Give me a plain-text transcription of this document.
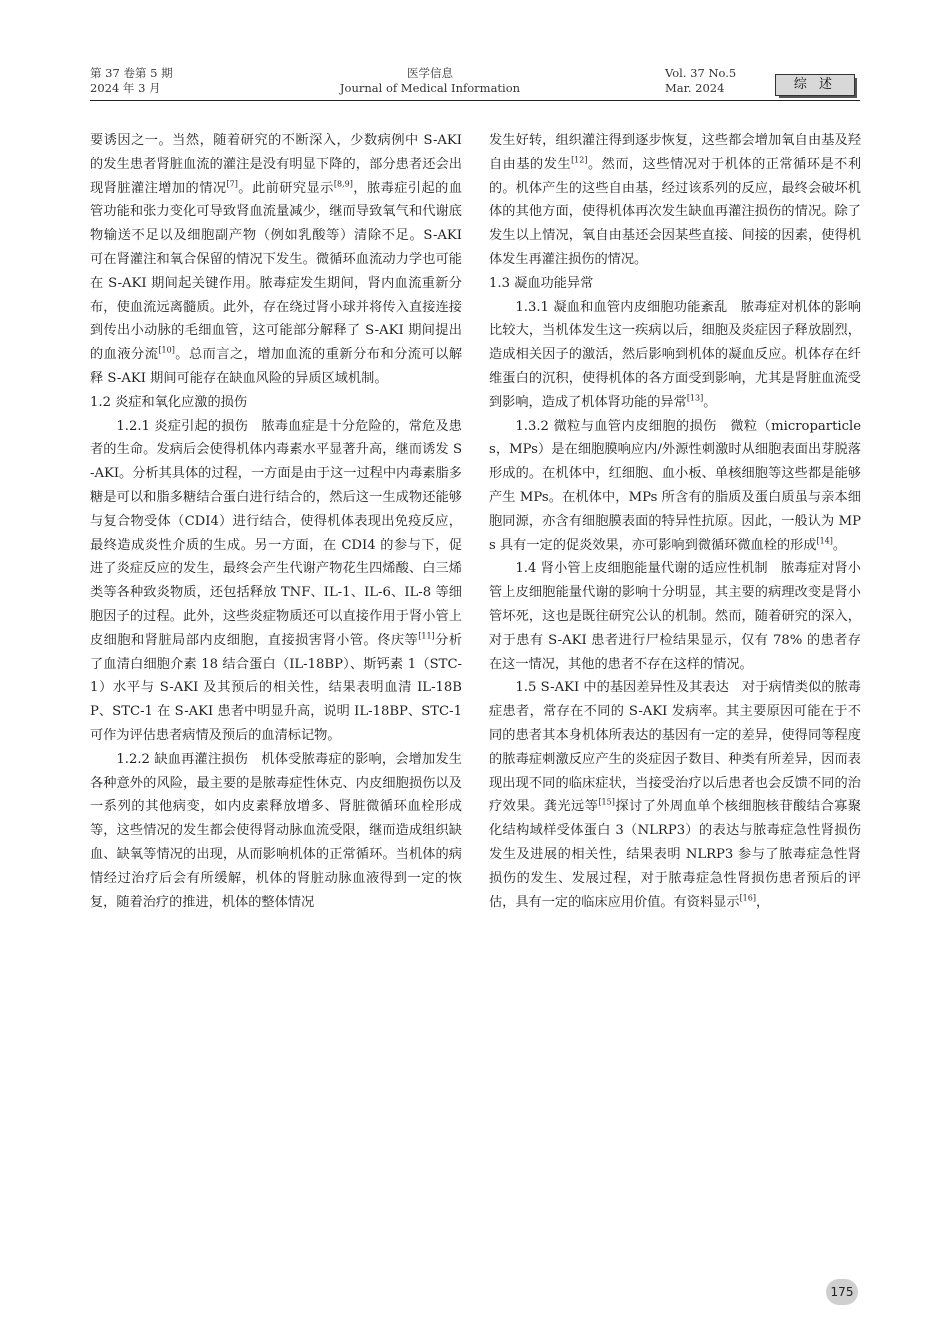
第 37 卷第 5 期
2024 年 3 月
医学信息
Journal of Medical Information
Vol. 37 No.5
Mar. 2024	综 述

要诱因之一。当然，随着研究的不断深入，少数病例中 S-AKI 的发生患者肾脏血流的灌注是没有明显下降的，部分患者还会出现肾脏灌注增加的情况[7]。此前研究显示[8,9]，脓毒症引起的血管功能和张力变化可导致肾血流量减少，继而导致氧气和代谢底物输送不足以及细胞副产物（例如乳酸等）清除不足。S-AKI 可在肾灌注和氧合保留的情况下发生。微循环血流动力学也可能在 S-AKI 期间起关键作用。脓毒症发生期间，肾内血流重新分布，使血流远离髓质。此外，存在绕过肾小球并将传入直接连接到传出小动脉的毛细血管，这可能部分解释了 S-AKI 期间提出的血液分流[10]。总而言之，增加血流的重新分布和分流可以解释 S-AKI 期间可能存在缺血风险的异质区域机制。

1.2 炎症和氧化应激的损伤

1.2.1 炎症引起的损伤  脓毒血症是十分危险的，常危及患者的生命。发病后会使得机体内毒素水平显著升高，继而诱发 S-AKI。分析其具体的过程，一方面是由于这一过程中内毒素脂多糖是可以和脂多糖结合蛋白进行结合的，然后这一生成物还能够与复合物受体（CDI4）进行结合，使得机体表现出免疫反应，最终造成炎性介质的生成。另一方面，在 CDI4 的参与下，促进了炎症反应的发生，最终会产生代谢产物花生四烯酸、白三烯类等各种致炎物质，还包括释放 TNF、IL-1、IL-6、IL-8 等细胞因子的过程。此外，这些炎症物质还可以直接作用于肾小管上皮细胞和肾脏局部内皮细胞，直接损害肾小管。佟庆等[11]分析了血清白细胞介素 18 结合蛋白（IL-18BP）、斯钙素 1（STC-1）水平与 S-AKI 及其预后的相关性，结果表明血清 IL-18BP、STC-1 在 S-AKI 患者中明显升高，说明 IL-18BP、STC-1 可作为评估患者病情及预后的血清标记物。

1.2.2 缺血再灌注损伤  机体受脓毒症的影响，会增加发生各种意外的风险，最主要的是脓毒症性休克、内皮细胞损伤以及一系列的其他病变，如内皮素释放增多、肾脏微循环血栓形成等，这些情况的发生都会使得肾动脉血流受限，继而造成组织缺血、缺氧等情况的出现，从而影响机体的正常循环。当机体的病情经过治疗后会有所缓解，机体的肾脏动脉血液得到一定的恢复，随着治疗的推进，机体的整体情况

发生好转，组织灌注得到逐步恢复，这些都会增加氧自由基及羟自由基的发生[12]。然而，这些情况对于机体的正常循环是不利的。机体产生的这些自由基，经过该系列的反应，最终会破坏机体的其他方面，使得机体再次发生缺血再灌注损伤的情况。除了发生以上情况，氧自由基还会因某些直接、间接的因素，使得机体发生再灌注损伤的情况。

1.3 凝血功能异常

1.3.1 凝血和血管内皮细胞功能紊乱  脓毒症对机体的影响比较大，当机体发生这一疾病以后，细胞及炎症因子释放剧烈，造成相关因子的激活，然后影响到机体的凝血反应。机体存在纤维蛋白的沉积，使得机体的各方面受到影响，尤其是肾脏血流受到影响，造成了机体肾功能的异常[13]。

1.3.2 微粒与血管内皮细胞的损伤  微粒（microparticles，MPs）是在细胞膜响应内/外源性刺激时从细胞表面出芽脱落形成的。在机体中，红细胞、血小板、单核细胞等这些都是能够产生 MPs。在机体中，MPs 所含有的脂质及蛋白质虽与亲本细胞同源，亦含有细胞膜表面的特异性抗原。因此，一般认为 MPs 具有一定的促炎效果，亦可影响到微循环微血栓的形成[14]。

1.4 肾小管上皮细胞能量代谢的适应性机制  脓毒症对肾小管上皮细胞能量代谢的影响十分明显，其主要的病理改变是肾小管坏死，这也是既往研究公认的机制。然而，随着研究的深入，对于患有 S-AKI 患者进行尸检结果显示，仅有 78% 的患者存在这一情况，其他的患者不存在这样的情况。

1.5 S-AKI 中的基因差异性及其表达  对于病情类似的脓毒症患者，常存在不同的 S-AKI 发病率。其主要原因可能在于不同的患者其本身机体所表达的基因有一定的差异，使得同等程度的脓毒症刺激反应产生的炎症因子数目、种类有所差异，因而表现出现不同的临床症状，当接受治疗以后患者也会反馈不同的治疗效果。龚光远等[15]探讨了外周血单个核细胞核苷酸结合寡聚化结构域样受体蛋白 3（NLRP3）的表达与脓毒症急性肾损伤发生及进展的相关性，结果表明 NLRP3 参与了脓毒症急性肾损伤的发生、发展过程，对于脓毒症急性肾损伤患者预后的评估，具有一定的临床应用价值。有资料显示[16]，

175
